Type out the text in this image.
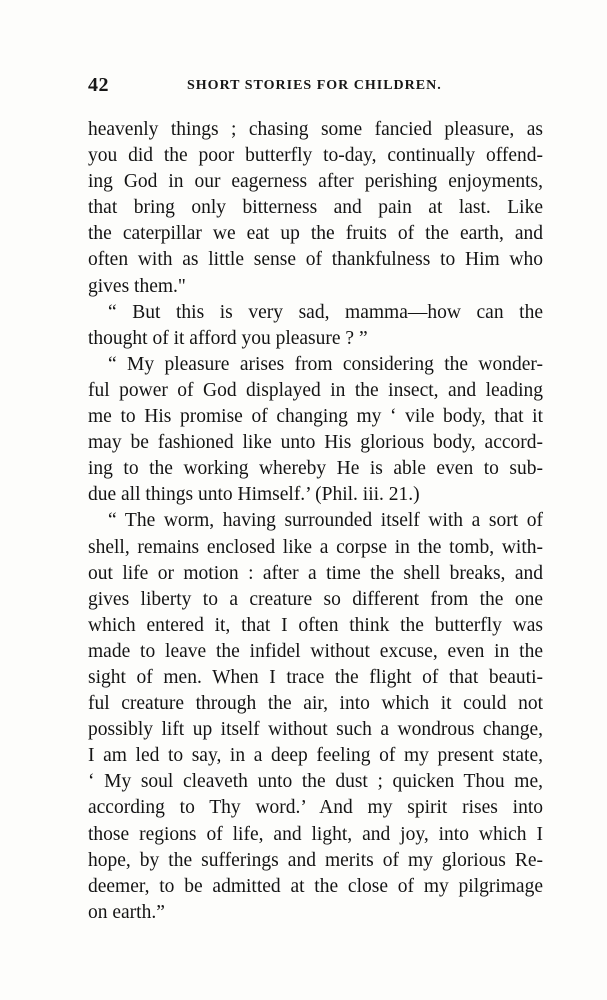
42	SHORT STORIES FOR CHILDREN.
heavenly things ; chasing some fancied pleasure, as
you did the poor butterfly to-day, continually offend-
ing God in our eagerness after perishing enjoyments,
that bring only bitterness and pain at last. Like
the caterpillar we eat up the fruits of the earth, and
often with as little sense of thankfulness to Him who
gives them."
“ But this is very sad, mamma—how can the
thought of it afford you pleasure ? ”
“ My pleasure arises from considering the wonder-
ful power of God displayed in the insect, and leading
me to His promise of changing my ‘ vile body, that it
may be fashioned like unto His glorious body, accord-
ing to the working whereby He is able even to sub-
due all things unto Himself.’ (Phil. iii. 21.)
“ The worm, having surrounded itself with a sort of
shell, remains enclosed like a corpse in the tomb, with-
out life or motion : after a time the shell breaks, and
gives liberty to a creature so different from the one
which entered it, that I often think the butterfly was
made to leave the infidel without excuse, even in the
sight of men. When I trace the flight of that beauti-
ful creature through the air, into which it could not
possibly lift up itself without such a wondrous change,
I am led to say, in a deep feeling of my present state,
‘ My soul cleaveth unto the dust ; quicken Thou me,
according to Thy word.’ And my spirit rises into
those regions of life, and light, and joy, into which I
hope, by the sufferings and merits of my glorious Re-
deemer, to be admitted at the close of my pilgrimage
on earth.”
